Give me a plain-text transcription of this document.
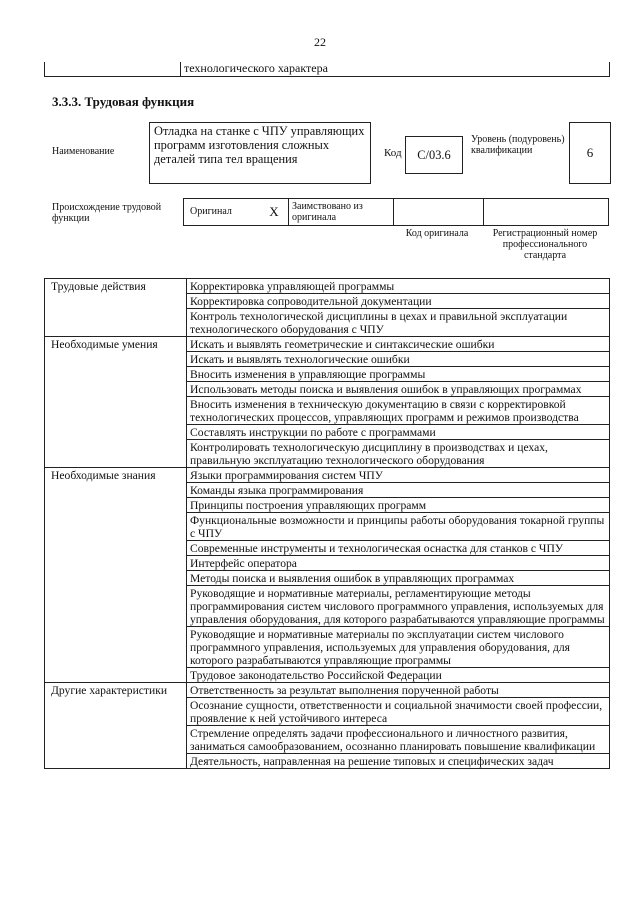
22
	технологического характера
3.3.3. Трудовая функция
Наименование
Отладка на станке с ЧПУ управляющих программ изготовления сложных деталей типа тел вращения	Код	C/03.6
Уровень (подуровень) квалификации	6
Происхождение трудовой функции
Оригинал	X	Заимствовано из оригинала		
Код оригинала	Регистрационный номер профессионального стандарта
Трудовые действия	Корректировка управляющей программы
	Корректировка сопроводительной документации
	Контроль технологической дисциплины в цехах и правильной эксплуатации технологического оборудования с ЧПУ
Необходимые умения	Искать и выявлять геометрические и синтаксические ошибки
	Искать и выявлять технологические ошибки
	Вносить изменения в управляющие программы
	Использовать методы поиска и выявления ошибок в управляющих программах
	Вносить изменения в техническую документацию в связи с корректировкой технологических процессов, управляющих программ и режимов производства
	Составлять инструкции по работе с программами
	Контролировать технологическую дисциплину в производствах и цехах, правильную эксплуатацию технологического оборудования
Необходимые знания	Языки программирования систем ЧПУ
	Команды языка программирования
	Принципы построения управляющих программ
	Функциональные возможности и принципы работы оборудования токарной группы с ЧПУ
	Современные инструменты и технологическая оснастка для станков с ЧПУ
	Интерфейс оператора
	Методы поиска и выявления ошибок в управляющих программах
	Руководящие и нормативные материалы, регламентирующие методы программирования систем числового программного управления, используемых для управления оборудования, для которого разрабатываются управляющие программы
	Руководящие и нормативные материалы по эксплуатации систем числового программного управления, используемых для управления оборудования, для которого разрабатываются управляющие программы
	Трудовое законодательство Российской Федерации
Другие характеристики	Ответственность за результат выполнения порученной работы
	Осознание сущности, ответственности и социальной значимости своей профессии, проявление к ней устойчивого интереса
	Стремление определять задачи профессионального и личностного развития, заниматься самообразованием, осознанно планировать повышение квалификации
	Деятельность, направленная на решение типовых и специфических задач
